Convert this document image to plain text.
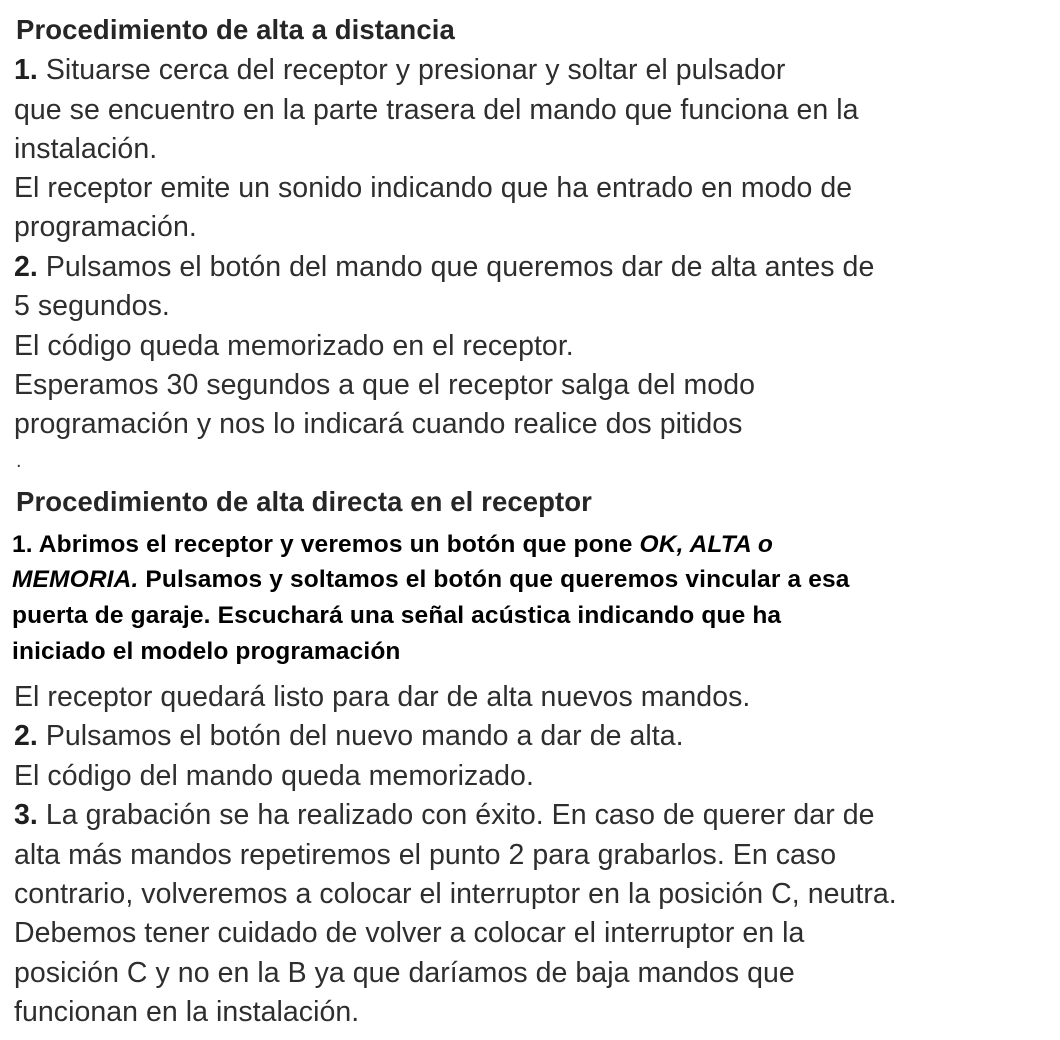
Procedimiento de alta a distancia
1. Situarse cerca del receptor y presionar y soltar el pulsador
que se encuentro en la parte trasera del mando que funciona en la
instalación.
El receptor emite un sonido indicando que ha entrado en modo de
programación.
2. Pulsamos el botón del mando que queremos dar de alta antes de
5 segundos.
El código queda memorizado en el receptor.
Esperamos 30 segundos a que el receptor salga del modo
programación y nos lo indicará cuando realice dos pitidos
.
Procedimiento de alta directa en el receptor
1. Abrimos el receptor y veremos un botón que pone OK, ALTA o
MEMORIA. Pulsamos y soltamos el botón que queremos vincular a esa
puerta de garaje. Escuchará una señal acústica indicando que ha
iniciado el modelo programación
El receptor quedará listo para dar de alta nuevos mandos.
2. Pulsamos el botón del nuevo mando a dar de alta.
El código del mando queda memorizado.
3. La grabación se ha realizado con éxito. En caso de querer dar de
alta más mandos repetiremos el punto 2 para grabarlos. En caso
contrario, volveremos a colocar el interruptor en la posición C, neutra.
Debemos tener cuidado de volver a colocar el interruptor en la
posición C y no en la B ya que daríamos de baja mandos que
funcionan en la instalación.
